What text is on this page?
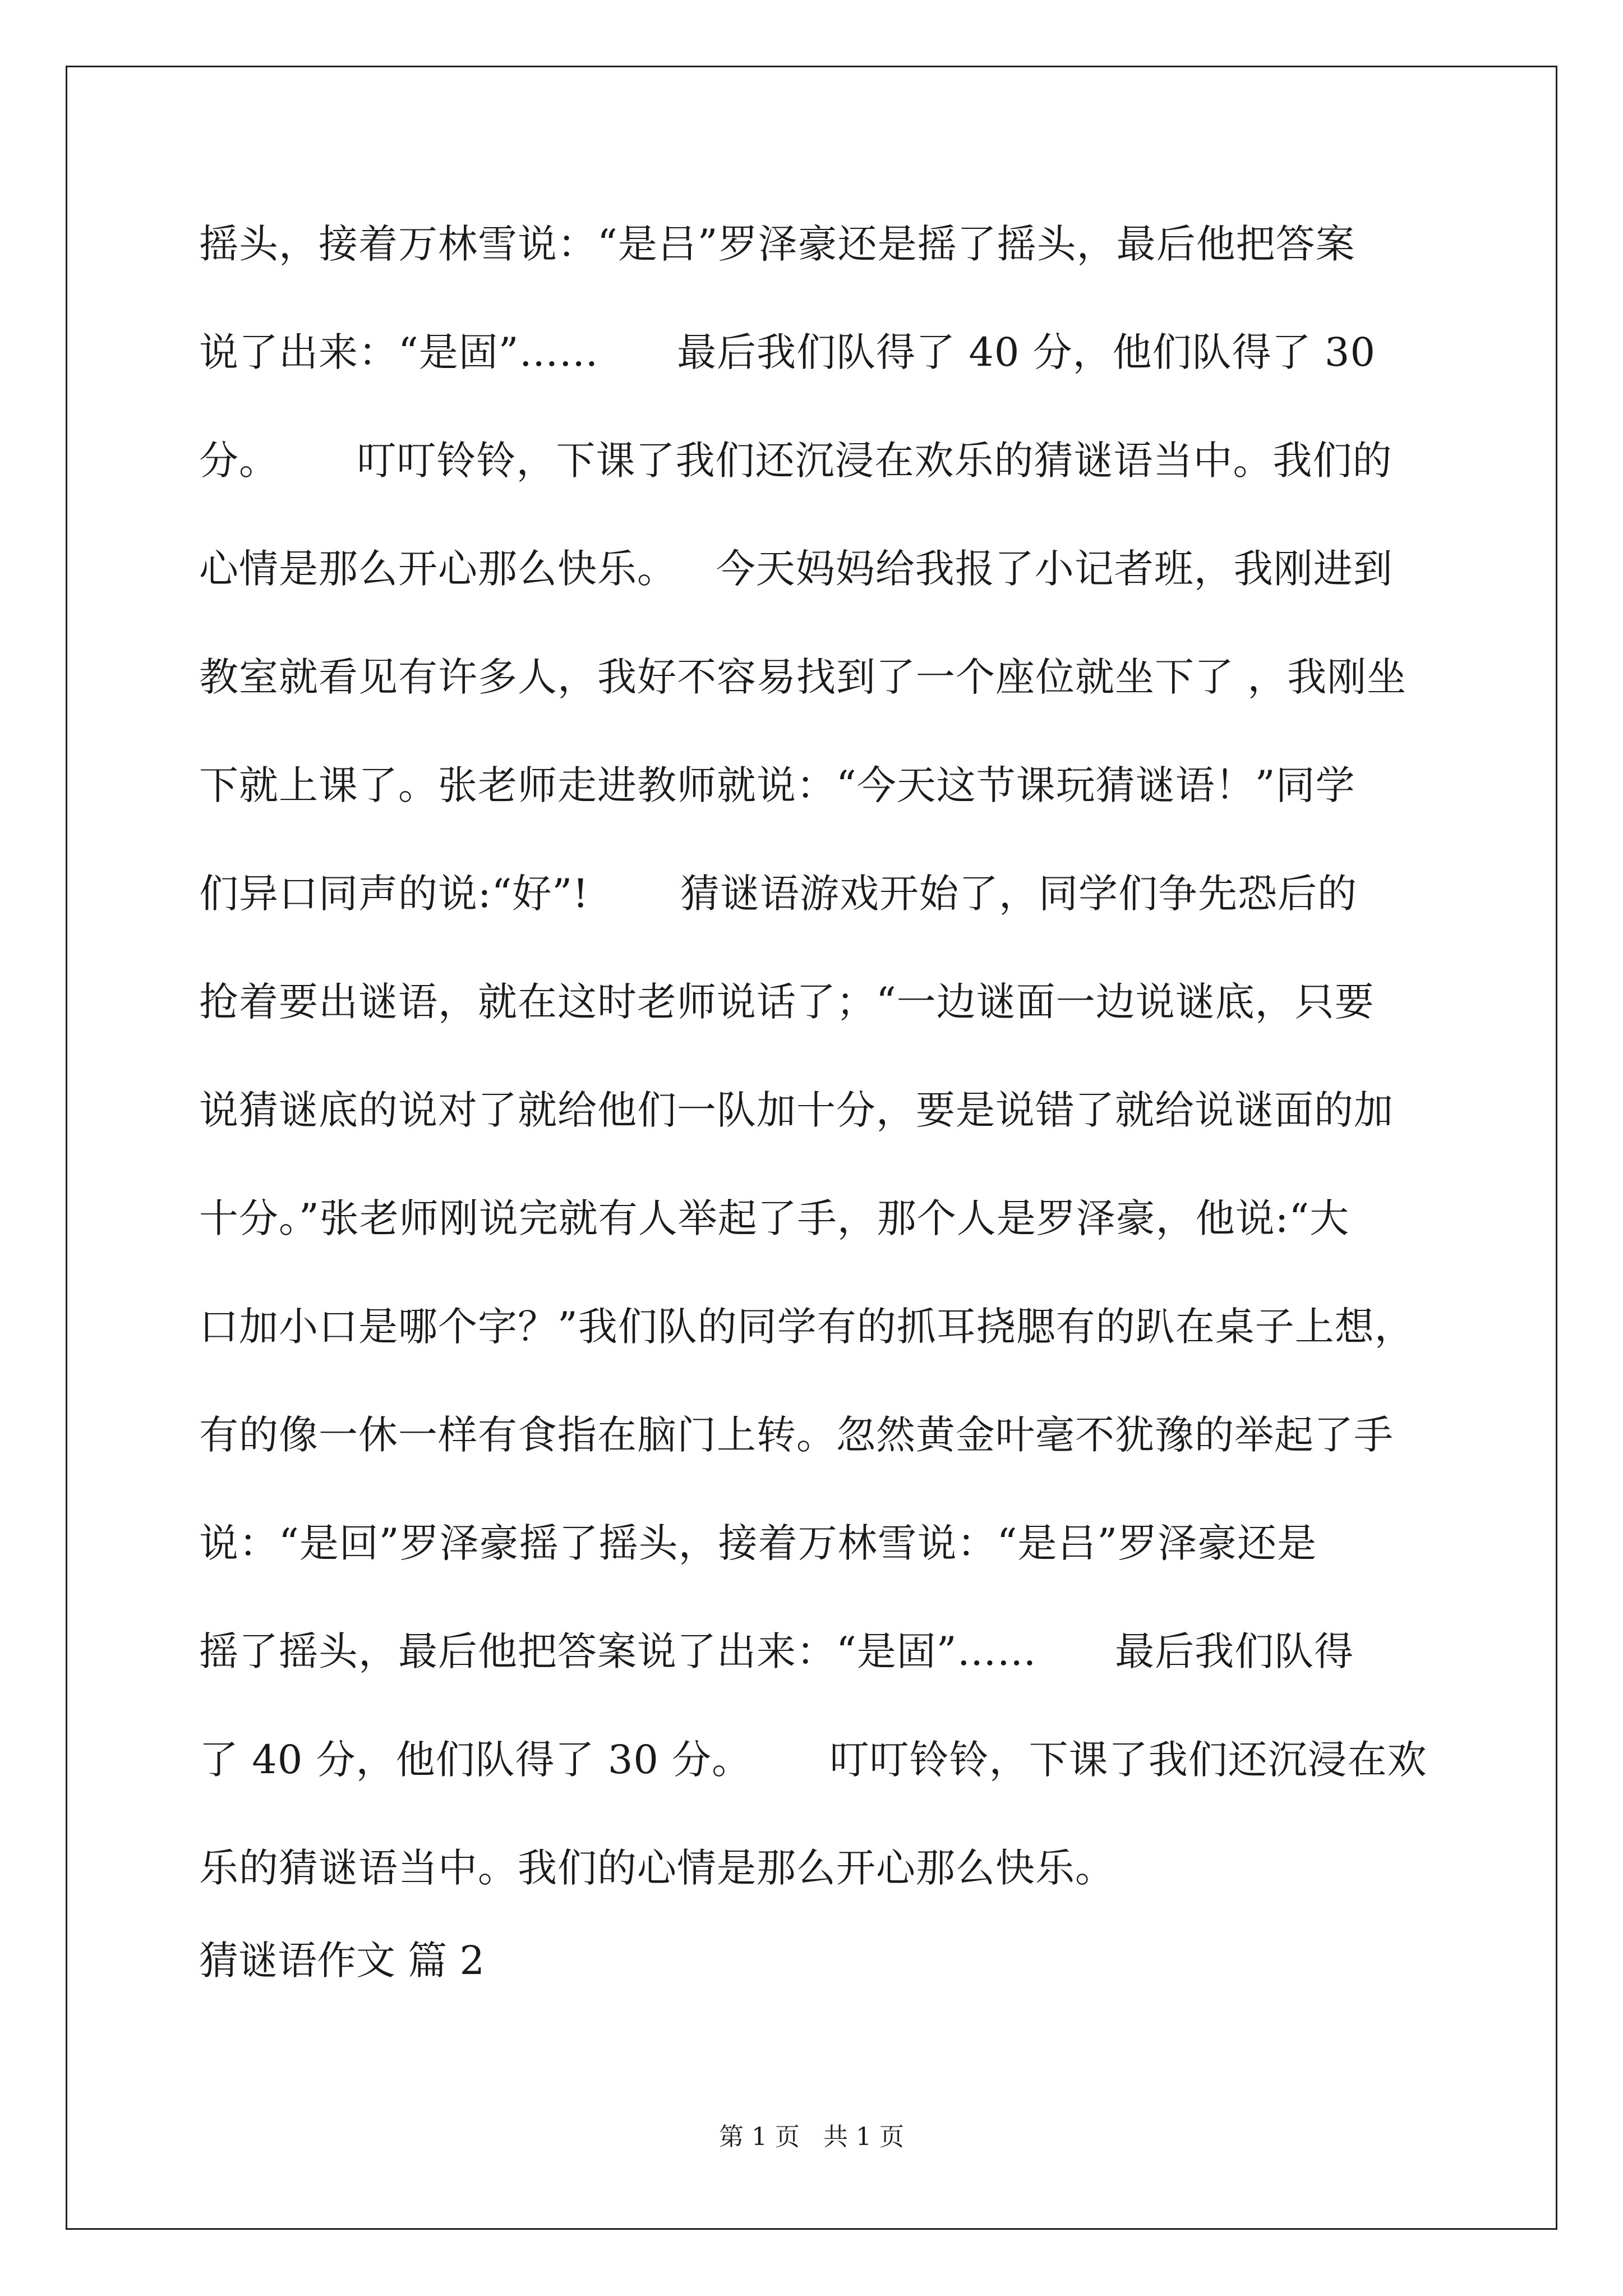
摇头，接着万林雪说：“是吕”罗泽豪还是摇了摇头，最后他把答案
说了出来：“是固”……      最后我们队得了 40 分，他们队得了 30
分。      叮叮铃铃，下课了我们还沉浸在欢乐的猜谜语当中。我们的
心情是那么开心那么快乐。   今天妈妈给我报了小记者班，我刚进到
教室就看见有许多人，我好不容易找到了一个座位就坐下了 ，我刚坐
下就上课了。张老师走进教师就说：“今天这节课玩猜谜语！”同学
们异口同声的说:“好”!       猜谜语游戏开始了，同学们争先恐后的
抢着要出谜语，就在这时老师说话了；“一边谜面一边说谜底，只要
说猜谜底的说对了就给他们一队加十分，要是说错了就给说谜面的加
十分。”张老师刚说完就有人举起了手，那个人是罗泽豪，他说:“大
口加小口是哪个字？”我们队的同学有的抓耳挠腮有的趴在桌子上想，
有的像一休一样有食指在脑门上转。忽然黄金叶毫不犹豫的举起了手
说：“是回”罗泽豪摇了摇头，接着万林雪说：“是吕”罗泽豪还是
摇了摇头，最后他把答案说了出来：“是固”……      最后我们队得
了 40 分，他们队得了 30 分。      叮叮铃铃，下课了我们还沉浸在欢
乐的猜谜语当中。我们的心情是那么开心那么快乐。
猜谜语作文 篇 2
第 1 页   共 1 页
